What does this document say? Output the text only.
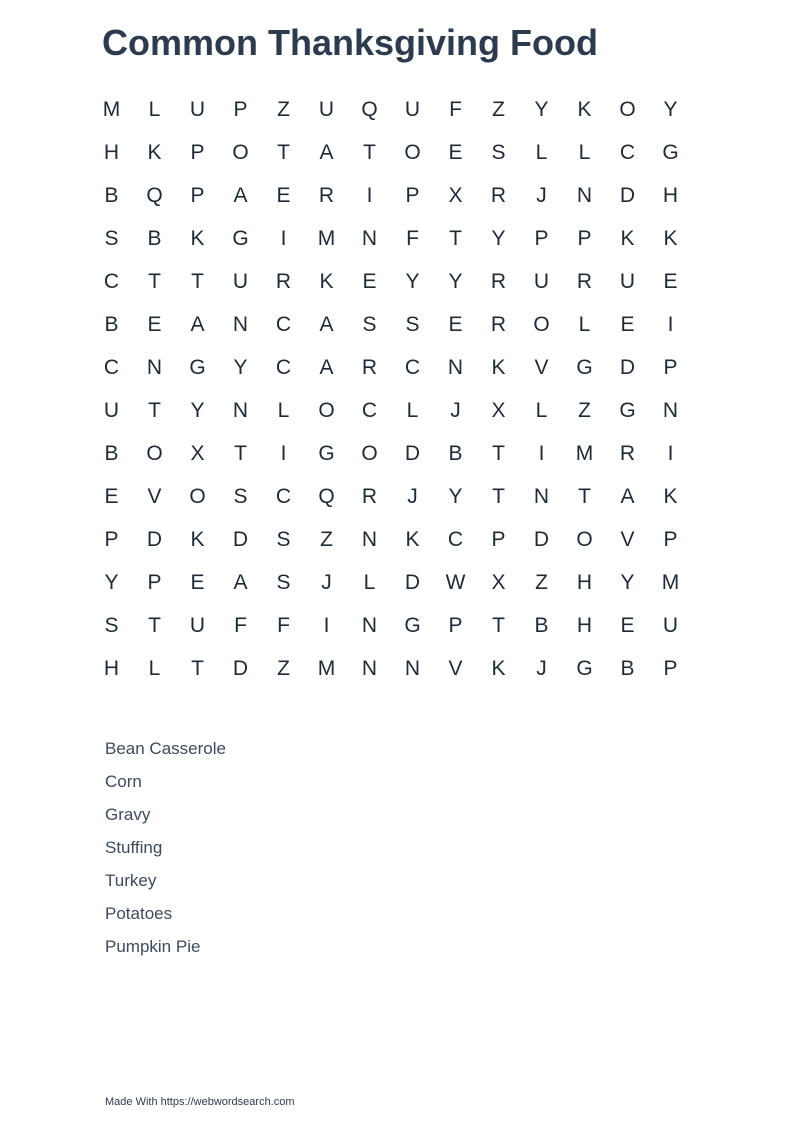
Common Thanksgiving Food
M	L	U	P	Z	U	Q	U	F	Z	Y	K	O	Y
H	K	P	O	T	A	T	O	E	S	L	L	C	G
B	Q	P	A	E	R	I	P	X	R	J	N	D	H
S	B	K	G	I	M	N	F	T	Y	P	P	K	K
C	T	T	U	R	K	E	Y	Y	R	U	R	U	E
B	E	A	N	C	A	S	S	E	R	O	L	E	I
C	N	G	Y	C	A	R	C	N	K	V	G	D	P
U	T	Y	N	L	O	C	L	J	X	L	Z	G	N
B	O	X	T	I	G	O	D	B	T	I	M	R	I
E	V	O	S	C	Q	R	J	Y	T	N	T	A	K
P	D	K	D	S	Z	N	K	C	P	D	O	V	P
Y	P	E	A	S	J	L	D	W	X	Z	H	Y	M
S	T	U	F	F	I	N	G	P	T	B	H	E	U
H	L	T	D	Z	M	N	N	V	K	J	G	B	P
Bean Casserole
Corn
Gravy
Stuffing
Turkey
Potatoes
Pumpkin Pie
Made With https://webwordsearch.com
